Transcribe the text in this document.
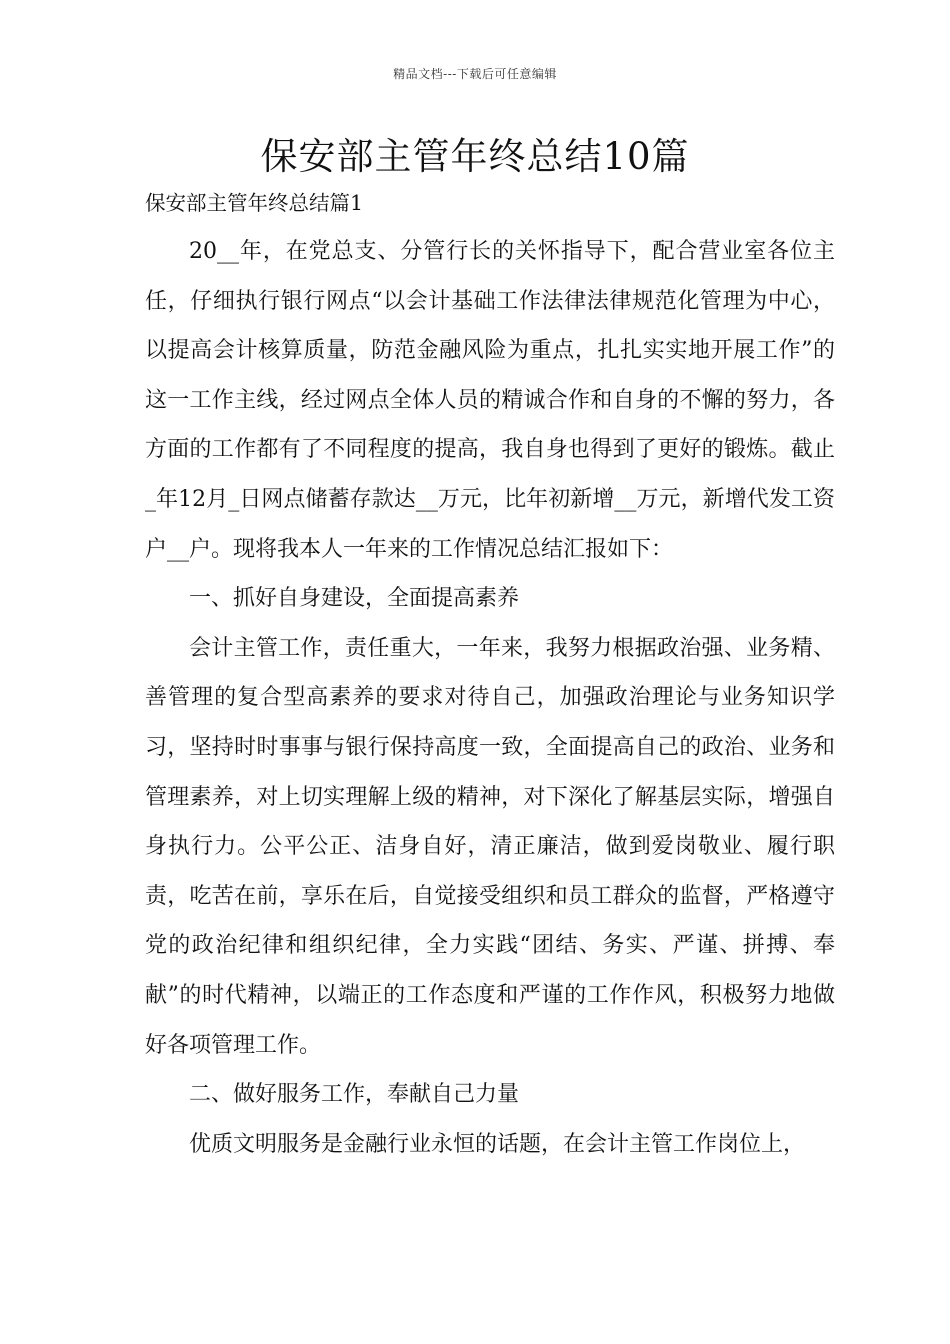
精品文档---下载后可任意编辑
保安部主管年终总结10篇
保安部主管年终总结篇1

20__年，在党总支、分管行长的关怀指导下，配合营业室各位主任，仔细执行银行网点“以会计基础工作法律法律规范化管理为中心，以提高会计核算质量，防范金融风险为重点，扎扎实实地开展工作”的这一工作主线，经过网点全体人员的精诚合作和自身的不懈的努力，各方面的工作都有了不同程度的提高，我自身也得到了更好的锻炼。截止_年12月_日网点储蓄存款达__万元，比年初新增__万元，新增代发工资户__户。现将我本人一年来的工作情况总结汇报如下：

一、抓好自身建设，全面提高素养

会计主管工作，责任重大，一年来，我努力根据政治强、业务精、善管理的复合型高素养的要求对待自己，加强政治理论与业务知识学习，坚持时时事事与银行保持高度一致，全面提高自己的政治、业务和管理素养，对上切实理解上级的精神，对下深化了解基层实际，增强自身执行力。公平公正、洁身自好，清正廉洁，做到爱岗敬业、履行职责，吃苦在前，享乐在后，自觉接受组织和员工群众的监督，严格遵守党的政治纪律和组织纪律，全力实践“团结、务实、严谨、拼搏、奉献”的时代精神，以端正的工作态度和严谨的工作作风，积极努力地做好各项管理工作。

二、做好服务工作，奉献自己力量

优质文明服务是金融行业永恒的话题，在会计主管工作岗位上，
